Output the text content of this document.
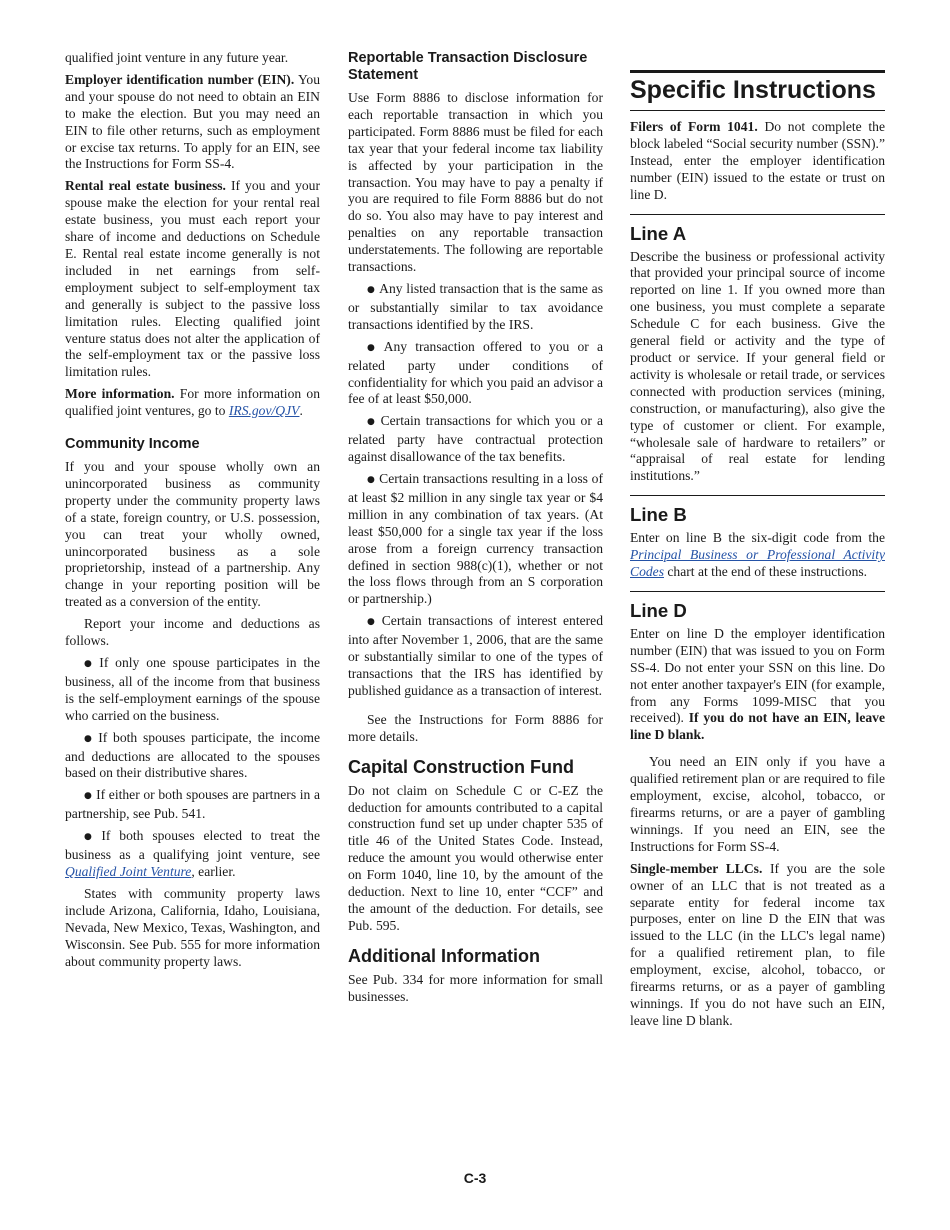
qualified joint venture in any future year.

Employer identification number (EIN). You and your spouse do not need to obtain an EIN to make the election. But you may need an EIN to file other returns, such as employment or excise tax returns. To apply for an EIN, see the Instructions for Form SS-4.

Rental real estate business. If you and your spouse make the election for your rental real estate business, you must each report your share of income and deductions on Schedule E. Rental real estate income generally is not included in net earnings from self-employment subject to self-employment tax and generally is subject to the passive loss limitation rules. Electing qualified joint venture status does not alter the application of the self-employment tax or the passive loss limitation rules.

More information. For more information on qualified joint ventures, go to IRS.gov/QJV.

Community Income

If you and your spouse wholly own an unincorporated business as community property under the community property laws of a state, foreign country, or U.S. possession, you can treat your wholly owned, unincorporated business as a sole proprietorship, instead of a partnership. Any change in your reporting position will be treated as a conversion of the entity.

Report your income and deductions as follows.

● If only one spouse participates in the business, all of the income from that business is the self-employment earnings of the spouse who carried on the business.

● If both spouses participate, the income and deductions are allocated to the spouses based on their distributive shares.

● If either or both spouses are partners in a partnership, see Pub. 541.

● If both spouses elected to treat the business as a qualifying joint venture, see Qualified Joint Venture, earlier.

States with community property laws include Arizona, California, Idaho, Louisiana, Nevada, New Mexico, Texas, Washington, and Wisconsin. See Pub. 555 for more information about community property laws.

Reportable Transaction Disclosure Statement

Use Form 8886 to disclose information for each reportable transaction in which you participated. Form 8886 must be filed for each tax year that your federal income tax liability is affected by your participation in the transaction. You may have to pay a penalty if you are required to file Form 8886 but do not do so. You also may have to pay interest and penalties on any reportable transaction understatements. The following are reportable transactions.

● Any listed transaction that is the same as or substantially similar to tax avoidance transactions identified by the IRS.

● Any transaction offered to you or a related party under conditions of confidentiality for which you paid an advisor a fee of at least $50,000.

● Certain transactions for which you or a related party have contractual protection against disallowance of the tax benefits.

● Certain transactions resulting in a loss of at least $2 million in any single tax year or $4 million in any combination of tax years. (At least $50,000 for a single tax year if the loss arose from a foreign currency transaction defined in section 988(c)(1), whether or not the loss flows through from an S corporation or partnership.)

● Certain transactions of interest entered into after November 1, 2006, that are the same or substantially similar to one of the types of transactions that the IRS has identified by published guidance as a transaction of interest.

See the Instructions for Form 8886 for more details.

Capital Construction Fund

Do not claim on Schedule C or C-EZ the deduction for amounts contributed to a capital construction fund set up under chapter 535 of title 46 of the United States Code. Instead, reduce the amount you would otherwise enter on Form 1040, line 10, by the amount of the deduction. Next to line 10, enter “CCF” and the amount of the deduction. For details, see Pub. 595.

Additional Information

See Pub. 334 for more information for small businesses.

Specific Instructions

Filers of Form 1041. Do not complete the block labeled “Social security number (SSN).” Instead, enter the employer identification number (EIN) issued to the estate or trust on line D.

Line A

Describe the business or professional activity that provided your principal source of income reported on line 1. If you owned more than one business, you must complete a separate Schedule C for each business. Give the general field or activity and the type of product or service. If your general field or activity is wholesale or retail trade, or services connected with production services (mining, construction, or manufacturing), also give the type of customer or client. For example, “wholesale sale of hardware to retailers” or “appraisal of real estate for lending institutions.”

Line B

Enter on line B the six-digit code from the Principal Business or Professional Activity Codes chart at the end of these instructions.

Line D

Enter on line D the employer identification number (EIN) that was issued to you on Form SS-4. Do not enter your SSN on this line. Do not enter another taxpayer's EIN (for example, from any Forms 1099-MISC that you received). If you do not have an EIN, leave line D blank.

You need an EIN only if you have a qualified retirement plan or are required to file employment, excise, alcohol, tobacco, or firearms returns, or are a payer of gambling winnings. If you need an EIN, see the Instructions for Form SS-4.

Single-member LLCs. If you are the sole owner of an LLC that is not treated as a separate entity for federal income tax purposes, enter on line D the EIN that was issued to the LLC (in the LLC's legal name) for a qualified retirement plan, to file employment, excise, alcohol, tobacco, or firearms returns, or as a payer of gambling winnings. If you do not have such an EIN, leave line D blank.

C-3
